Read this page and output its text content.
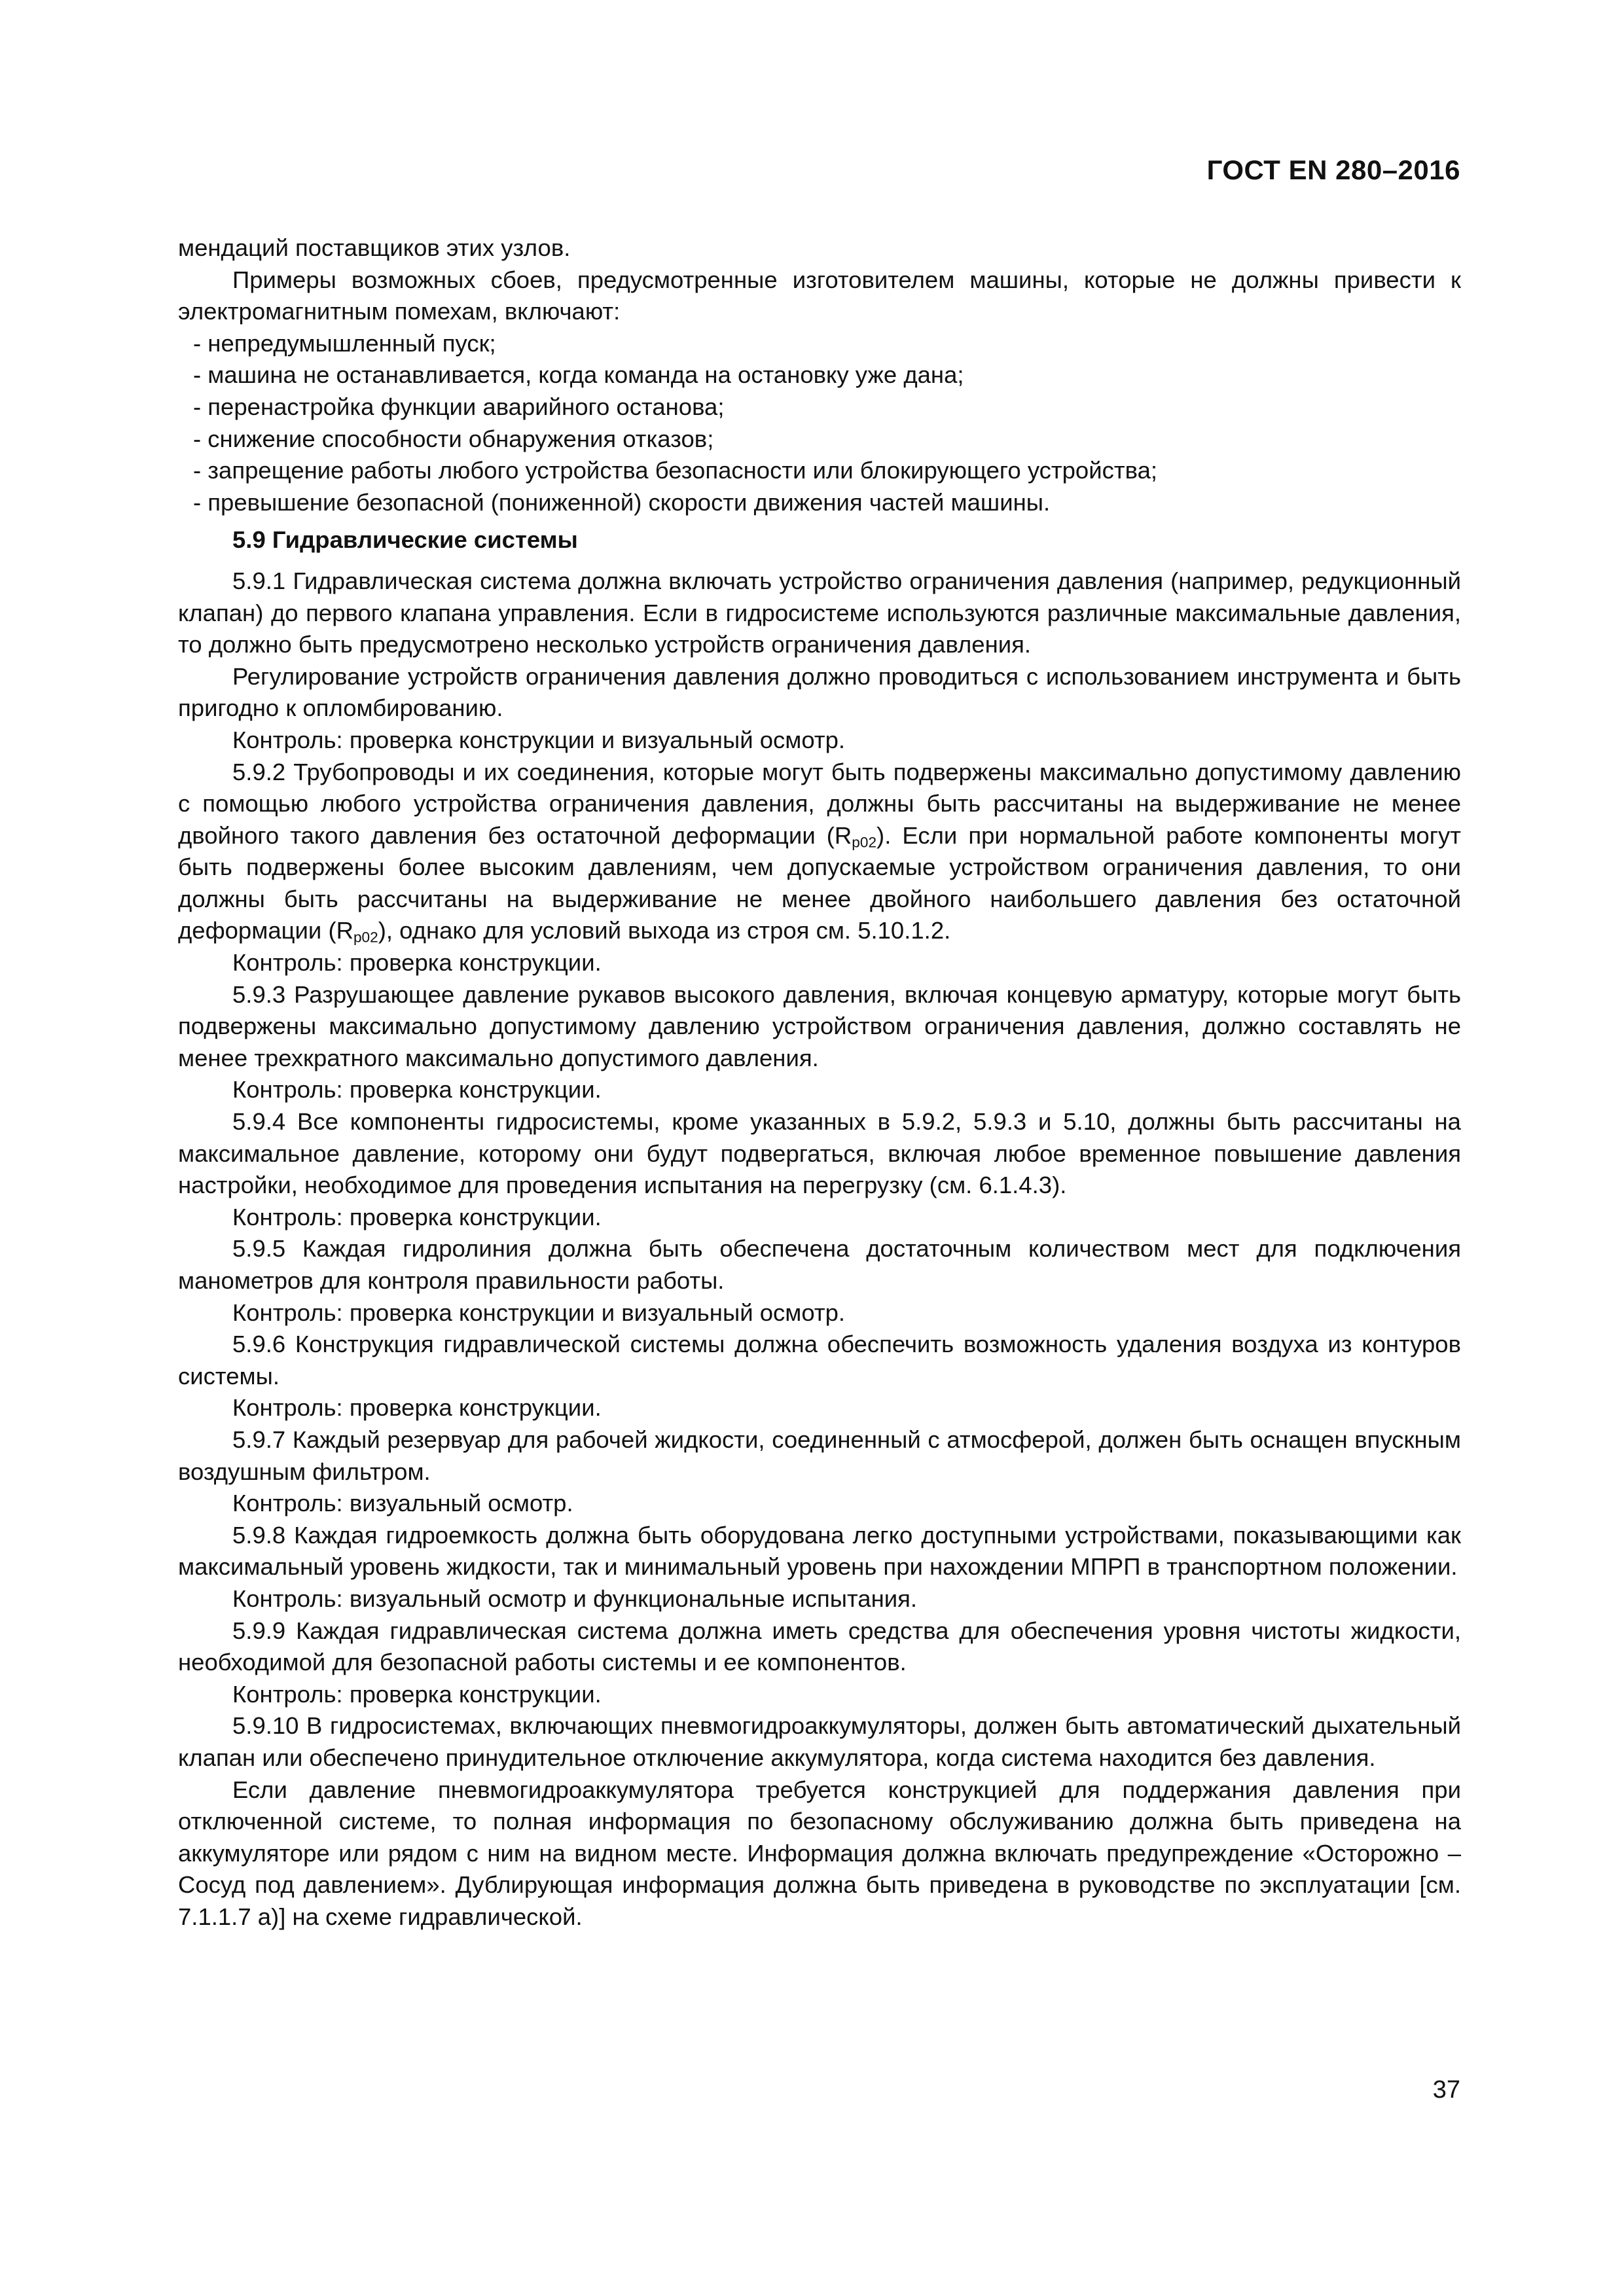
ГОСТ EN 280–2016

мендаций поставщиков этих узлов.

Примеры возможных сбоев, предусмотренные изготовителем машины, которые не должны привести к электромагнитным помехам, включают:

- непредумышленный пуск;
- машина не останавливается, когда команда на остановку уже дана;
- перенастройка функции аварийного останова;
- снижение способности обнаружения отказов;
- запрещение работы любого устройства безопасности или блокирующего устройства;
- превышение безопасной (пониженной) скорости движения частей машины.
5.9 Гидравлические системы

5.9.1 Гидравлическая система должна включать устройство ограничения давления (например, редукционный клапан) до первого клапана управления. Если в гидросистеме используются различные максимальные давления, то должно быть предусмотрено несколько устройств ограничения давления.

Регулирование устройств ограничения давления должно проводиться с использованием инструмента и быть пригодно к опломбированию.

Контроль: проверка конструкции и визуальный осмотр.

5.9.2 Трубопроводы и их соединения, которые могут быть подвержены максимально допустимому давлению с помощью любого устройства ограничения давления, должны быть рассчитаны на выдерживание не менее двойного такого давления без остаточной деформации $(R_{p02})$. Если при нормальной работе компоненты могут быть подвержены более высоким давлениям, чем допускаемые устройством ограничения давления, то они должны быть рассчитаны на выдерживание не менее двойного наибольшего давления без остаточной деформации $(R_{p02})$, однако для условий выхода из строя см. 5.10.1.2.

Контроль: проверка конструкции.

5.9.3 Разрушающее давление рукавов высокого давления, включая концевую арматуру, которые могут быть подвержены максимально допустимому давлению устройством ограничения давления, должно составлять не менее трехкратного максимально допустимого давления.

Контроль: проверка конструкции.

5.9.4 Все компоненты гидросистемы, кроме указанных в 5.9.2, 5.9.3 и 5.10, должны быть рассчитаны на максимальное давление, которому они будут подвергаться, включая любое временное повышение давления настройки, необходимое для проведения испытания на перегрузку (см. 6.1.4.3).

Контроль: проверка конструкции.

5.9.5 Каждая гидролиния должна быть обеспечена достаточным количеством мест для подключения манометров для контроля правильности работы.

Контроль: проверка конструкции и визуальный осмотр.

5.9.6 Конструкция гидравлической системы должна обеспечить возможность удаления воздуха из контуров системы.

Контроль: проверка конструкции.

5.9.7 Каждый резервуар для рабочей жидкости, соединенный с атмосферой, должен быть оснащен впускным воздушным фильтром.

Контроль: визуальный осмотр.

5.9.8 Каждая гидроемкость должна быть оборудована легко доступными устройствами, показывающими как максимальный уровень жидкости, так и минимальный уровень при нахождении МПРП в транспортном положении.

Контроль: визуальный осмотр и функциональные испытания.

5.9.9 Каждая гидравлическая система должна иметь средства для обеспечения уровня чистоты жидкости, необходимой для безопасной работы системы и ее компонентов.

Контроль: проверка конструкции.

5.9.10 В гидросистемах, включающих пневмогидроаккумуляторы, должен быть автоматический дыхательный клапан или обеспечено принудительное отключение аккумулятора, когда система находится без давления.

Если давление пневмогидроаккумулятора требуется конструкцией для поддержания давления при отключенной системе, то полная информация по безопасному обслуживанию должна быть приведена на аккумуляторе или рядом с ним на видном месте. Информация должна включать предупреждение «Осторожно – Сосуд под давлением». Дублирующая информация должна быть приведена в руководстве по эксплуатации [см. 7.1.1.7 a)] на схеме гидравлической.

37
